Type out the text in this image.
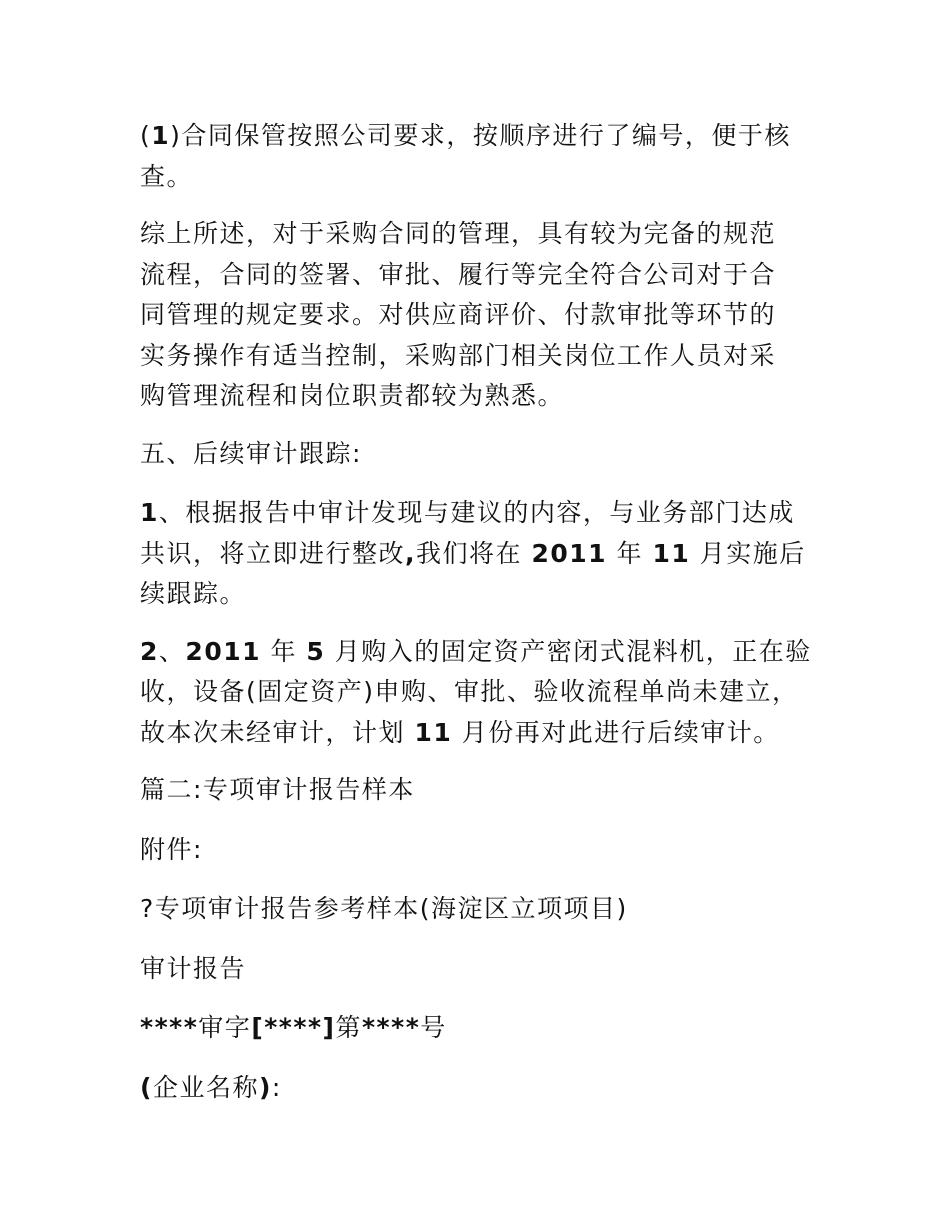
(1)合同保管按照公司要求，按顺序进行了编号，便于核
查。

综上所述，对于采购合同的管理，具有较为完备的规范
流程，合同的签署、审批、履行等完全符合公司对于合
同管理的规定要求。对供应商评价、付款审批等环节的
实务操作有适当控制，采购部门相关岗位工作人员对采
购管理流程和岗位职责都较为熟悉。

五、后续审计跟踪:

1、根据报告中审计发现与建议的内容，与业务部门达成
共识，将立即进行整改,我们将在 2011 年 11 月实施后
续跟踪。

2、2011 年 5 月购入的固定资产密闭式混料机，正在验
收，设备(固定资产)申购、审批、验收流程单尚未建立，
故本次未经审计，计划 11 月份再对此进行后续审计。

篇二:专项审计报告样本

附件:

?专项审计报告参考样本(海淀区立项项目)

审计报告

****审字[****]第****号

(企业名称):
